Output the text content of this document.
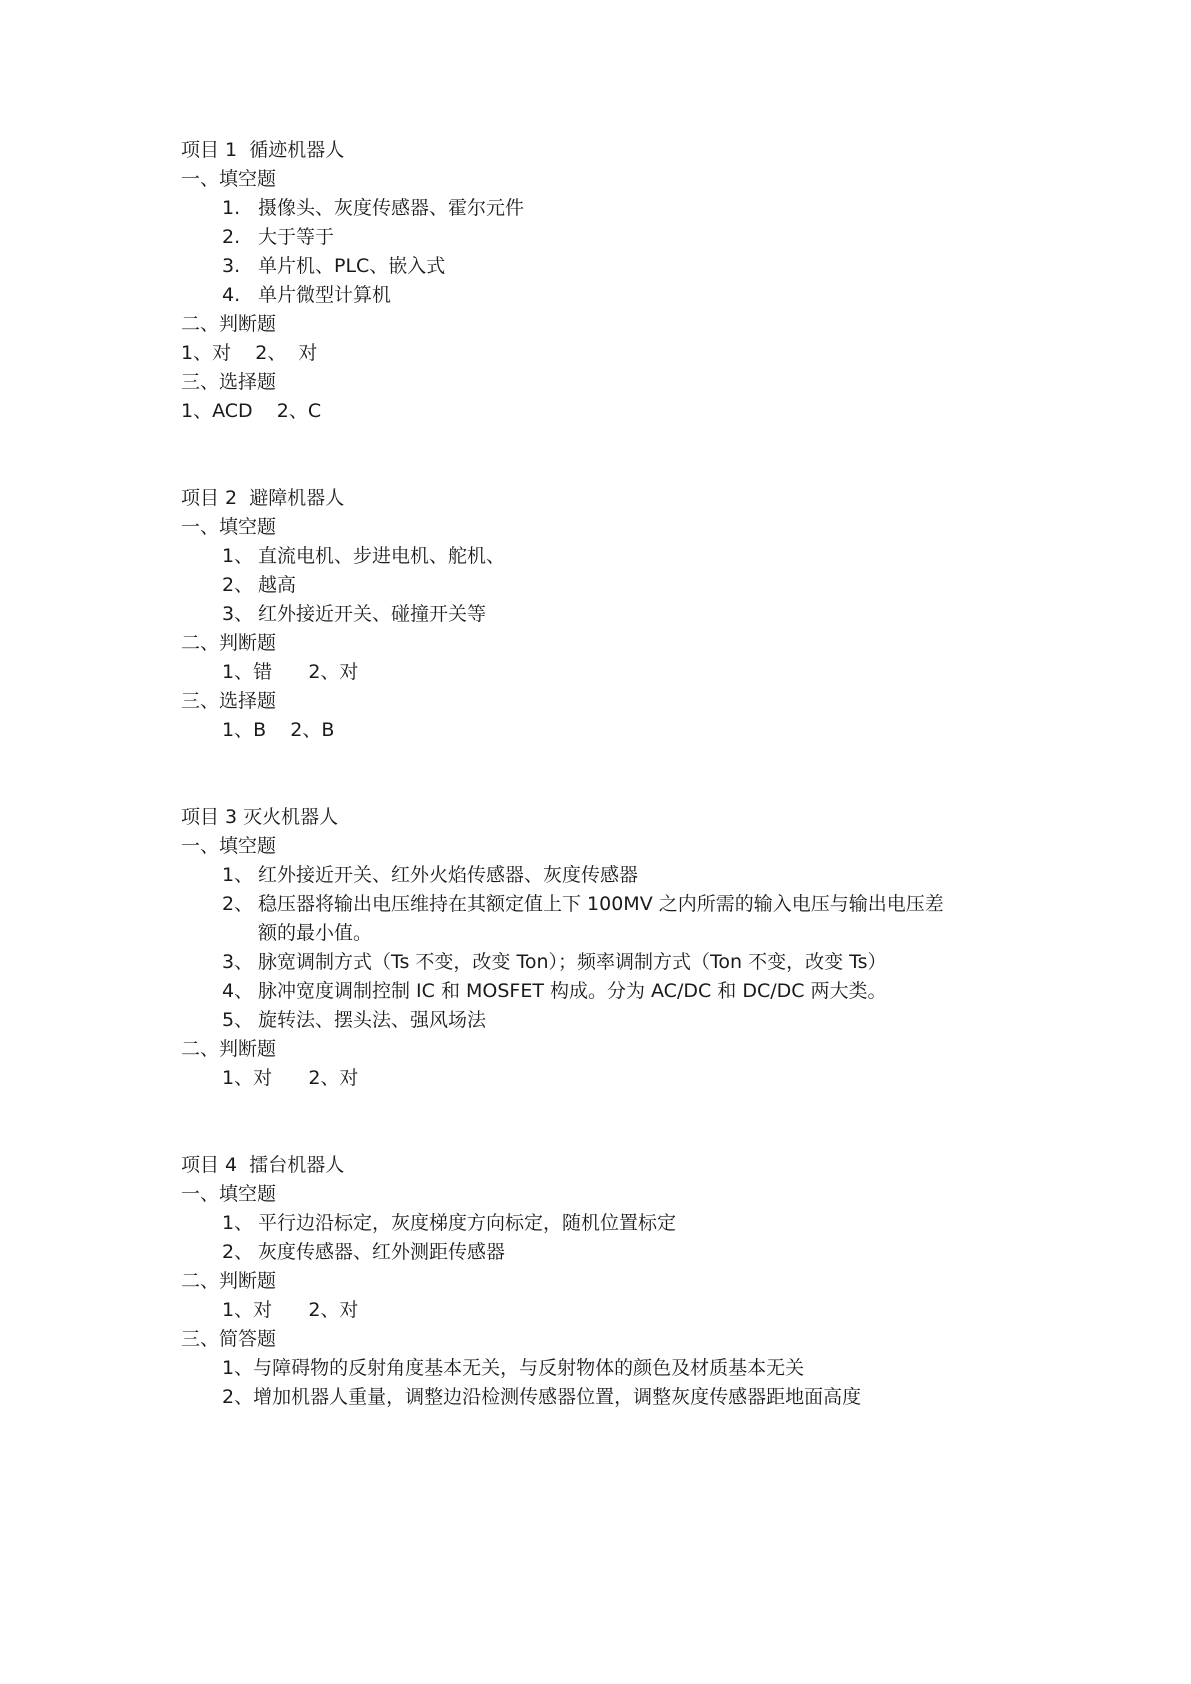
项目 1  循迹机器人
一、填空题
1. 摄像头、灰度传感器、霍尔元件
2. 大于等于
3. 单片机、PLC、嵌入式
4. 单片微型计算机
二、判断题
1、对    2、  对
三、选择题
1、ACD    2、C
项目 2  避障机器人
一、填空题
1、 直流电机、步进电机、舵机、
2、 越高
3、 红外接近开关、碰撞开关等
二、判断题
1、错      2、对
三、选择题
1、B    2、B
项目 3 灭火机器人
一、填空题
1、 红外接近开关、红外火焰传感器、灰度传感器
2、 稳压器将输出电压维持在其额定值上下 100MV 之内所需的输入电压与输出电压差
额的最小值。
3、 脉宽调制方式（Ts 不变，改变 Ton）；频率调制方式（Ton 不变，改变 Ts）
4、 脉冲宽度调制控制 IC 和 MOSFET 构成。分为 AC/DC 和 DC/DC 两大类。
5、 旋转法、摆头法、强风场法
二、判断题
1、对      2、对
项目 4  擂台机器人
一、填空题
1、 平行边沿标定，灰度梯度方向标定，随机位置标定
2、 灰度传感器、红外测距传感器
二、判断题
1、对      2、对
三、简答题
1、与障碍物的反射角度基本无关，与反射物体的颜色及材质基本无关
2、增加机器人重量，调整边沿检测传感器位置，调整灰度传感器距地面高度
